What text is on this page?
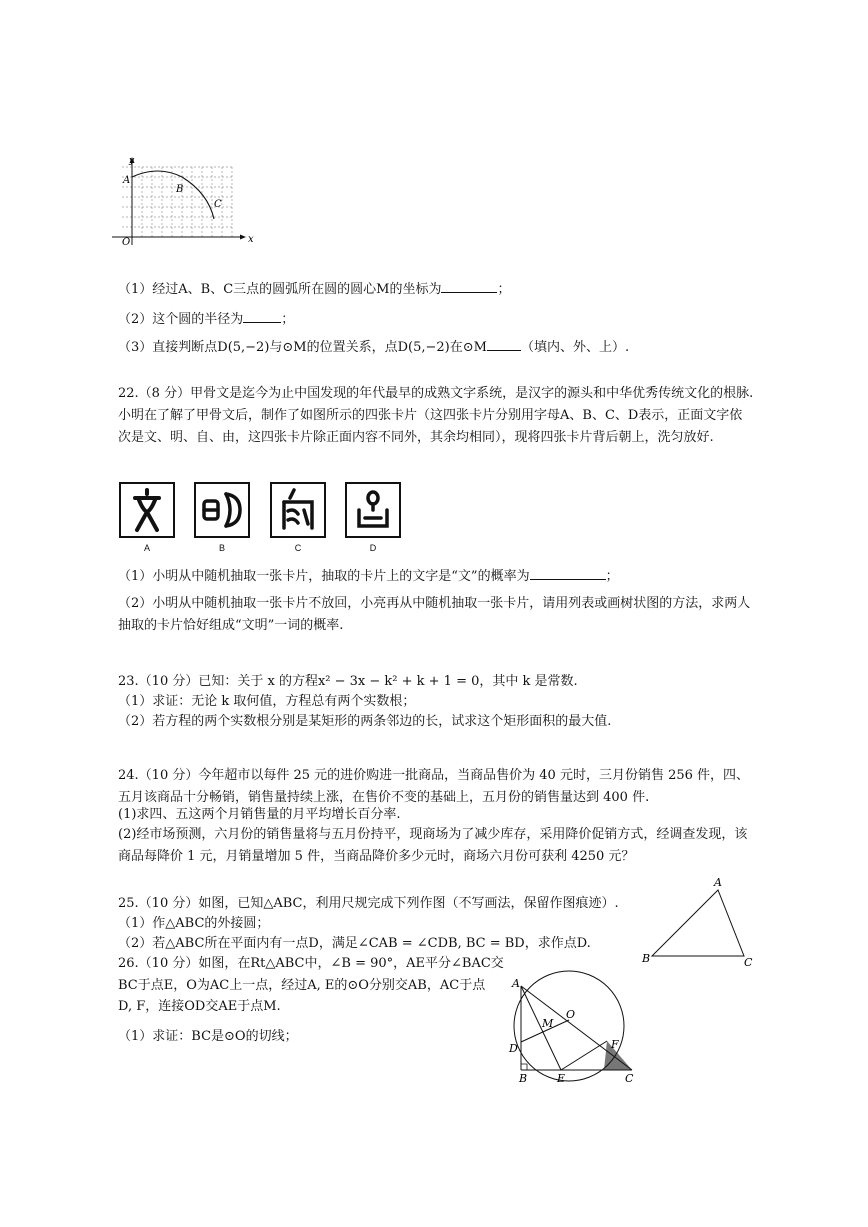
x
y
O
A
B
C
（1）经过A、B、C三点的圆弧所在圆的圆心M的坐标为	；
（2）这个圆的半径为	；
（3）直接判断点D(5,−2)与⊙M的位置关系，点D(5,−2)在⊙M	（填内、外、上）.
22.（8 分）甲骨文是迄今为止中国发现的年代最早的成熟文字系统，是汉字的源头和中华优秀传统文化的根脉. 小明在了解了甲骨文后，制作了如图所示的四张卡片（这四张卡片分别用字母A、B、C、D表示，正面文字依次是文、明、自、由，这四张卡片除正面内容不同外，其余均相同），现将四张卡片背后朝上，洗匀放好.
A	B	C	D
（1）小明从中随机抽取一张卡片，抽取的卡片上的文字是“文”的概率为	；
（2）小明从中随机抽取一张卡片不放回，小亮再从中随机抽取一张卡片，请用列表或画树状图的方法，求两人抽取的卡片恰好组成“文明”一词的概率.
23.（10 分）已知：关于 x 的方程x² − 3x − k² + k + 1 = 0，其中 k 是常数.
（1）求证：无论 k 取何值，方程总有两个实数根；
（2）若方程的两个实数根分别是某矩形的两条邻边的长，试求这个矩形面积的最大值.
24.（10 分）今年超市以每件 25 元的进价购进一批商品，当商品售价为 40 元时，三月份销售 256 件，四、五月该商品十分畅销，销售量持续上涨，在售价不变的基础上，五月份的销售量达到 400 件.
(1)求四、五这两个月销售量的月平均增长百分率.
(2)经市场预测，六月份的销售量将与五月份持平，现商场为了减少库存，采用降价促销方式，经调查发现，该商品每降价 1 元，月销量增加 5 件，当商品降价多少元时，商场六月份可获利 4250 元？
25.（10 分）如图，已知△ABC，利用尺规完成下列作图（不写画法，保留作图痕迹）.
（1）作△ABC的外接圆；
（2）若△ABC所在平面内有一点D，满足∠CAB = ∠CDB, BC = BD，求作点D.
A
B	C
26.（10 分）如图，在Rt△ABC中，∠B = 90°，AE平分∠BAC交
BC于点E，O为AC上一点，经过A, E的⊙O分别交AB，AC于点
D, F，连接OD交AE于点M.
（1）求证：BC是⊙O的切线；
A
O
M
D	F
B	E	C
